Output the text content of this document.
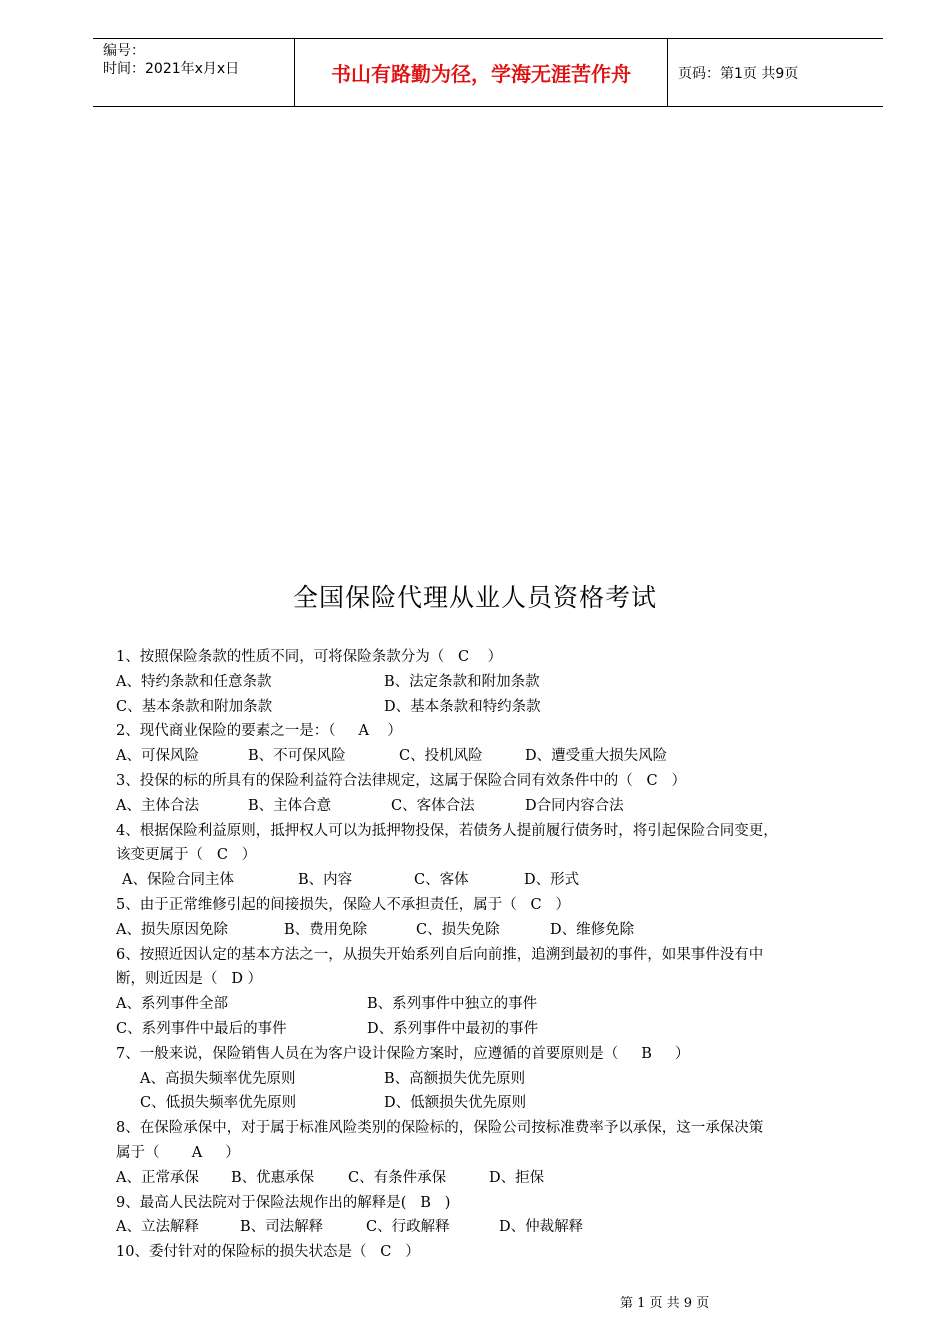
编号：
时间：2021年x月x日	书山有路勤为径，学海无涯苦作舟	页码：第1页 共9页
全国保险代理从业人员资格考试
1、按照保险条款的性质不同，可将保险条款分为（   C    ）
A、特约条款和任意条款	B、法定条款和附加条款
C、基本条款和附加条款	D、基本条款和特约条款
2、现代商业保险的要素之一是：（     A    ）
A、可保风险	B、不可保风险	C、投机风险	D、遭受重大损失风险
3、投保的标的所具有的保险利益符合法律规定，这属于保险合同有效条件中的（   C   ）
A、主体合法	B、主体合意	C、客体合法	D合同内容合法
4、根据保险利益原则，抵押权人可以为抵押物投保，若债务人提前履行债务时，将引起保险合同变更，
该变更属于（   C   ）
A、保险合同主体	B、内容	C、客体	D、形式
5、由于正常维修引起的间接损失，保险人不承担责任，属于（   C   ）
A、损失原因免除	B、费用免除	C、损失免除	D、维修免除
6、按照近因认定的基本方法之一，从损失开始系列自后向前推，追溯到最初的事件，如果事件没有中
断，则近因是（   D ）
A、系列事件全部	B、系列事件中独立的事件
C、系列事件中最后的事件	D、系列事件中最初的事件
7、一般来说，保险销售人员在为客户设计保险方案时，应遵循的首要原则是（     B     ）
A、高损失频率优先原则	B、高额损失优先原则
C、低损失频率优先原则	D、低额损失优先原则
8、在保险承保中，对于属于标准风险类别的保险标的，保险公司按标准费率予以承保，这一承保决策
属于（       A     ）
A、正常承保 B、优惠承保 C、有条件承保	D、拒保
9、最高人民法院对于保险法规作出的解释是(   B   )
A、立法解释	B、司法解释	C、行政解释	D、仲裁解释
10、委付针对的保险标的损失状态是（   C   ）
第 1 页 共 9 页
